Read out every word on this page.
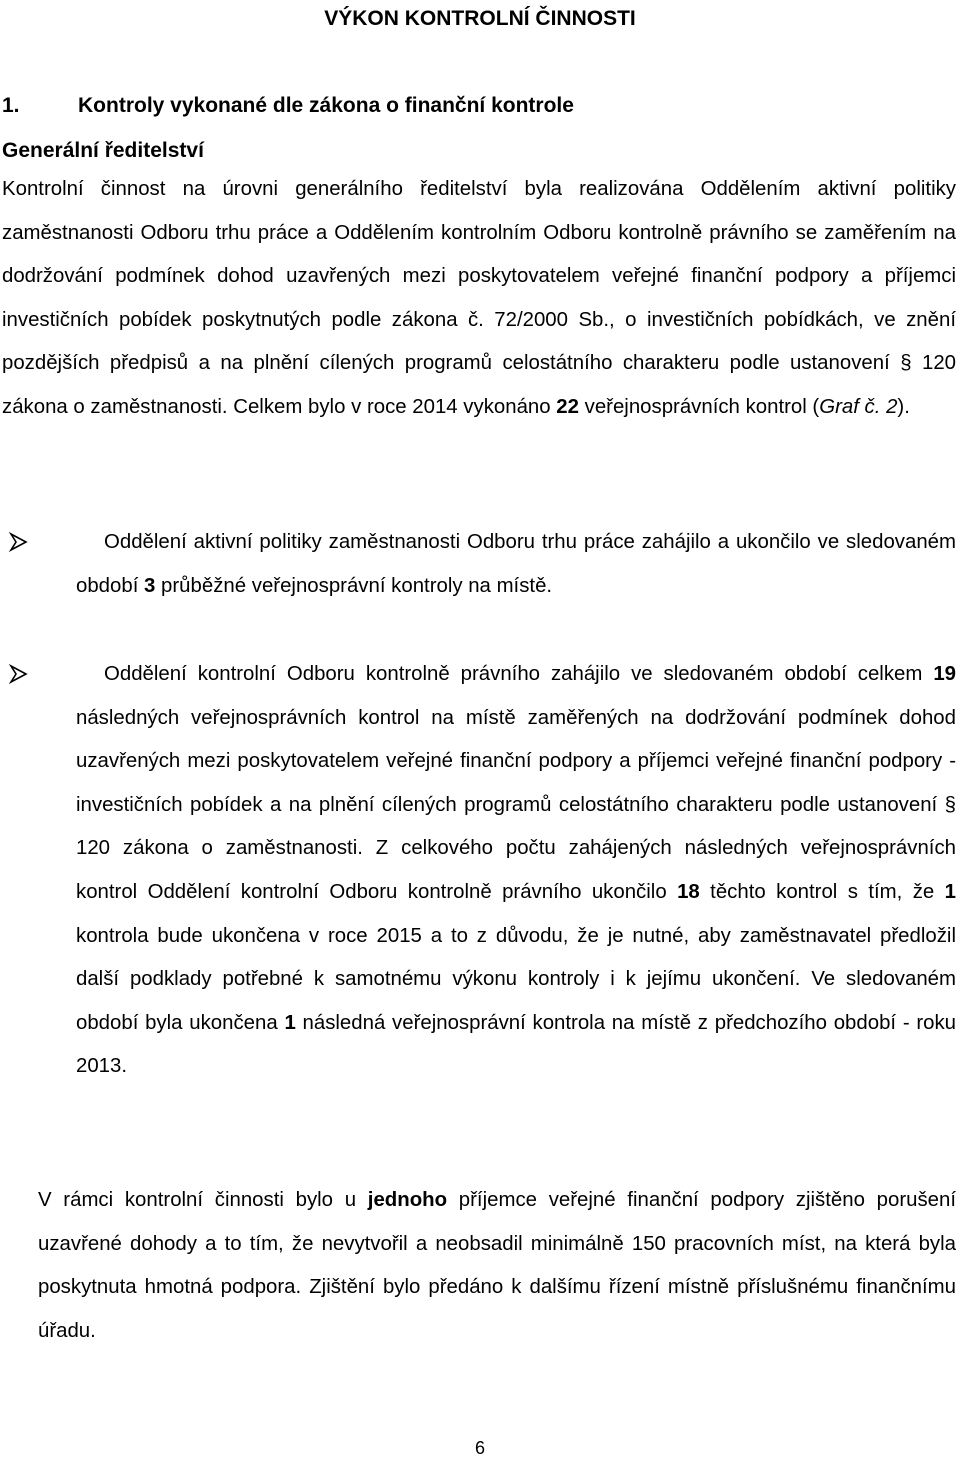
VÝKON KONTROLNÍ ČINNOSTI
1.	Kontroly vykonané dle zákona o finanční kontrole
Generální ředitelství
Kontrolní činnost na úrovni generálního ředitelství byla realizována Oddělením aktivní politiky zaměstnanosti Odboru trhu práce a Oddělením kontrolním Odboru kontrolně právního se zaměřením na dodržování podmínek dohod uzavřených mezi poskytovatelem veřejné finanční podpory a příjemci investičních pobídek poskytnutých podle zákona č. 72/2000 Sb., o investičních pobídkách, ve znění pozdějších předpisů a na plnění cílených programů celostátního charakteru podle ustanovení § 120 zákona o zaměstnanosti. Celkem bylo v roce 2014 vykonáno 22 veřejnosprávních kontrol (Graf č. 2).
Oddělení aktivní politiky zaměstnanosti Odboru trhu práce zahájilo a ukončilo ve sledovaném období 3 průběžné veřejnosprávní kontroly na místě.
Oddělení kontrolní Odboru kontrolně právního zahájilo ve sledovaném období celkem 19 následných veřejnosprávních kontrol na místě zaměřených na dodržování podmínek dohod uzavřených mezi poskytovatelem veřejné finanční podpory a příjemci veřejné finanční podpory - investičních pobídek a na plnění cílených programů celostátního charakteru podle ustanovení § 120 zákona o zaměstnanosti. Z celkového počtu zahájených následných veřejnosprávních kontrol Oddělení kontrolní Odboru kontrolně právního ukončilo 18 těchto kontrol s tím, že 1 kontrola bude ukončena v roce 2015 a to z důvodu, že je nutné, aby zaměstnavatel předložil další podklady potřebné k samotnému výkonu kontroly i k jejímu ukončení. Ve sledovaném období byla ukončena 1 následná veřejnosprávní kontrola na místě z předchozího období - roku 2013.
V rámci kontrolní činnosti bylo u jednoho příjemce veřejné finanční podpory zjištěno porušení uzavřené dohody a to tím, že nevytvořil a neobsadil minimálně 150 pracovních míst, na která byla poskytnuta hmotná podpora. Zjištění bylo předáno k dalšímu řízení místně příslušnému finančnímu úřadu.
6
